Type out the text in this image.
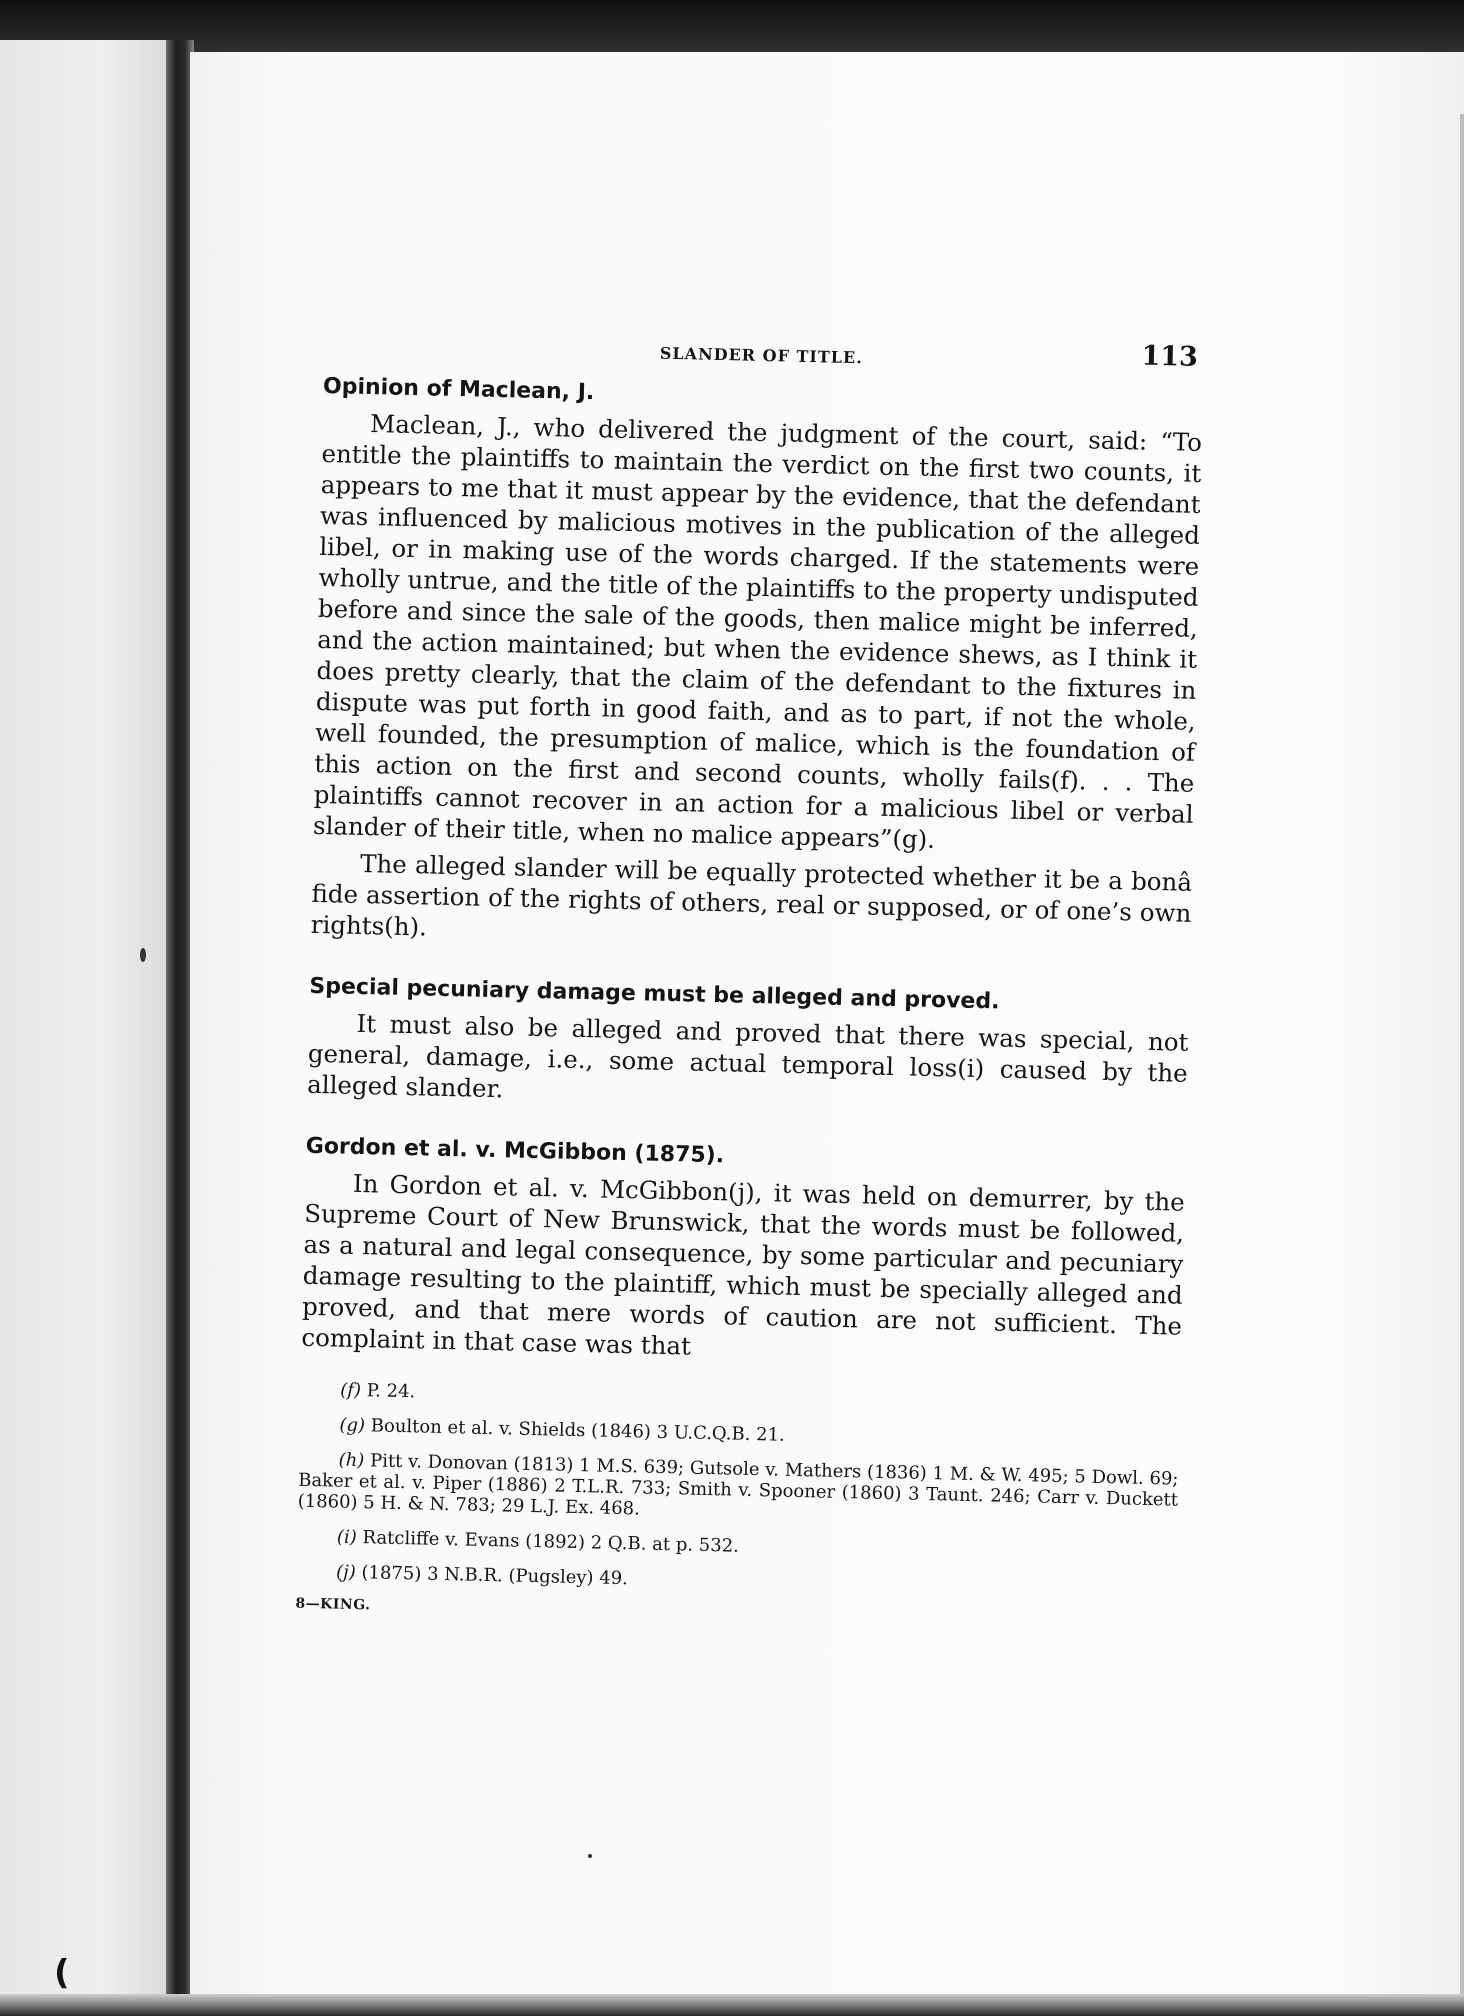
(
SLANDER OF TITLE.	113
Opinion of Maclean, J.

Maclean, J., who delivered the judgment of the court, said: “To entitle the plaintiffs to maintain the verdict on the first two counts, it appears to me that it must appear by the evidence, that the defendant was influenced by malicious motives in the publication of the alleged libel, or in making use of the words charged. If the statements were wholly untrue, and the title of the plaintiffs to the property undisputed before and since the sale of the goods, then malice might be inferred, and the action maintained; but when the evidence shews, as I think it does pretty clearly, that the claim of the defendant to the fixtures in dispute was put forth in good faith, and as to part, if not the whole, well founded, the presumption of malice, which is the foundation of this action on the first and second counts, wholly fails(f). . . The plaintiffs cannot recover in an action for a malicious libel or verbal slander of their title, when no malice appears”(g).

The alleged slander will be equally protected whether it be a bonâ fide assertion of the rights of others, real or supposed, or of one’s own rights(h).

Special pecuniary damage must be alleged and proved.

It must also be alleged and proved that there was special, not general, damage, i.e., some actual temporal loss(i) caused by the alleged slander.

Gordon et al. v. McGibbon (1875).

In Gordon et al. v. McGibbon(j), it was held on demurrer, by the Supreme Court of New Brunswick, that the words must be followed, as a natural and legal consequence, by some particular and pecuniary damage resulting to the plaintiff, which must be specially alleged and proved, and that mere words of caution are not sufficient. The complaint in that case was that

(f) P. 24.

(g) Boulton et al. v. Shields (1846) 3 U.C.Q.B. 21.

(h) Pitt v. Donovan (1813) 1 M.S. 639; Gutsole v. Mathers (1836) 1 M. & W. 495; 5 Dowl. 69; Baker et al. v. Piper (1886) 2 T.L.R. 733; Smith v. Spooner (1860) 3 Taunt. 246; Carr v. Duckett (1860) 5 H. & N. 783; 29 L.J. Ex. 468.

(i) Ratcliffe v. Evans (1892) 2 Q.B. at p. 532.

(j) (1875) 3 N.B.R. (Pugsley) 49.

8—KING.
